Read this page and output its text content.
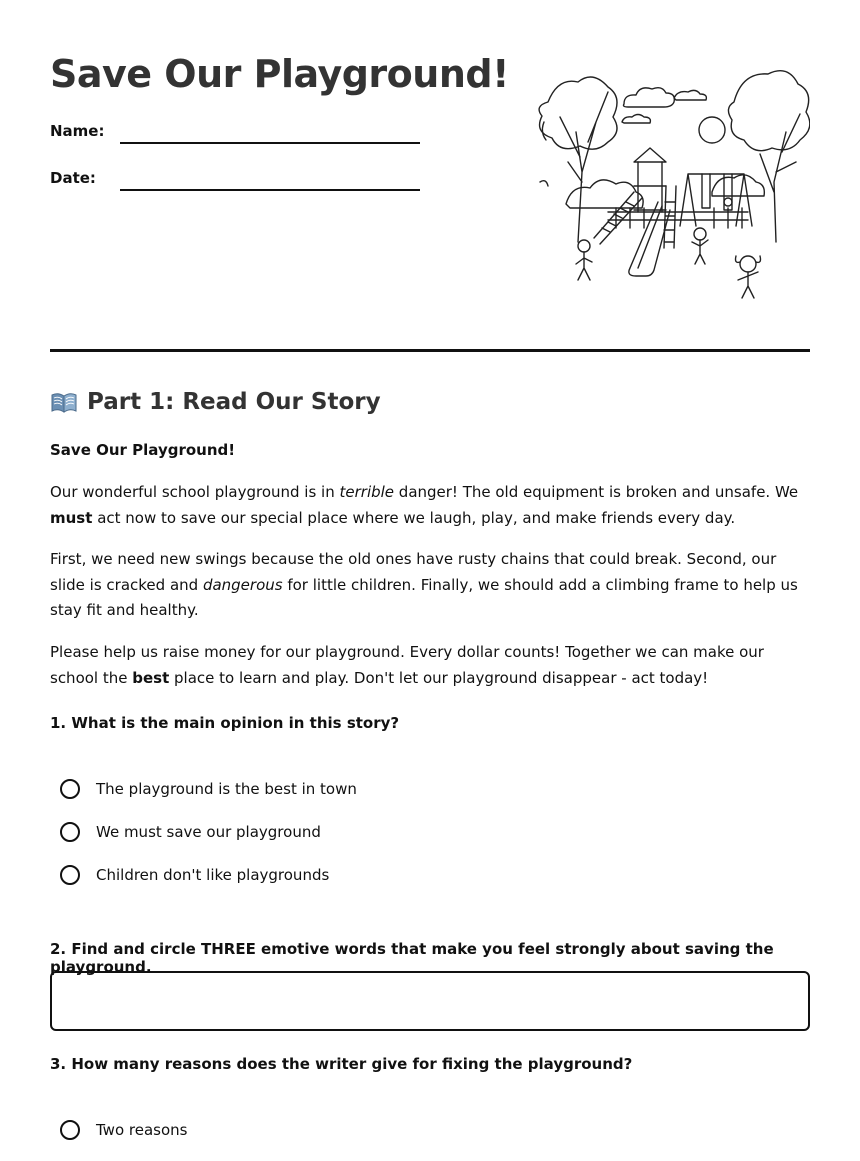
Save Our Playground!
Name:
Date:
Part 1: Read Our Story
Save Our Playground!
Our wonderful school playground is in terrible danger! The old equipment is broken and unsafe. We must act now to save our special place where we laugh, play, and make friends every day.
First, we need new swings because the old ones have rusty chains that could break. Second, our slide is cracked and dangerous for little children. Finally, we should add a climbing frame to help us stay fit and healthy.
Please help us raise money for our playground. Every dollar counts! Together we can make our school the best place to learn and play. Don't let our playground disappear - act today!
1. What is the main opinion in this story?
The playground is the best in town
We must save our playground
Children don't like playgrounds
2. Find and circle THREE emotive words that make you feel strongly about saving the playground.
3. How many reasons does the writer give for fixing the playground?
Two reasons
